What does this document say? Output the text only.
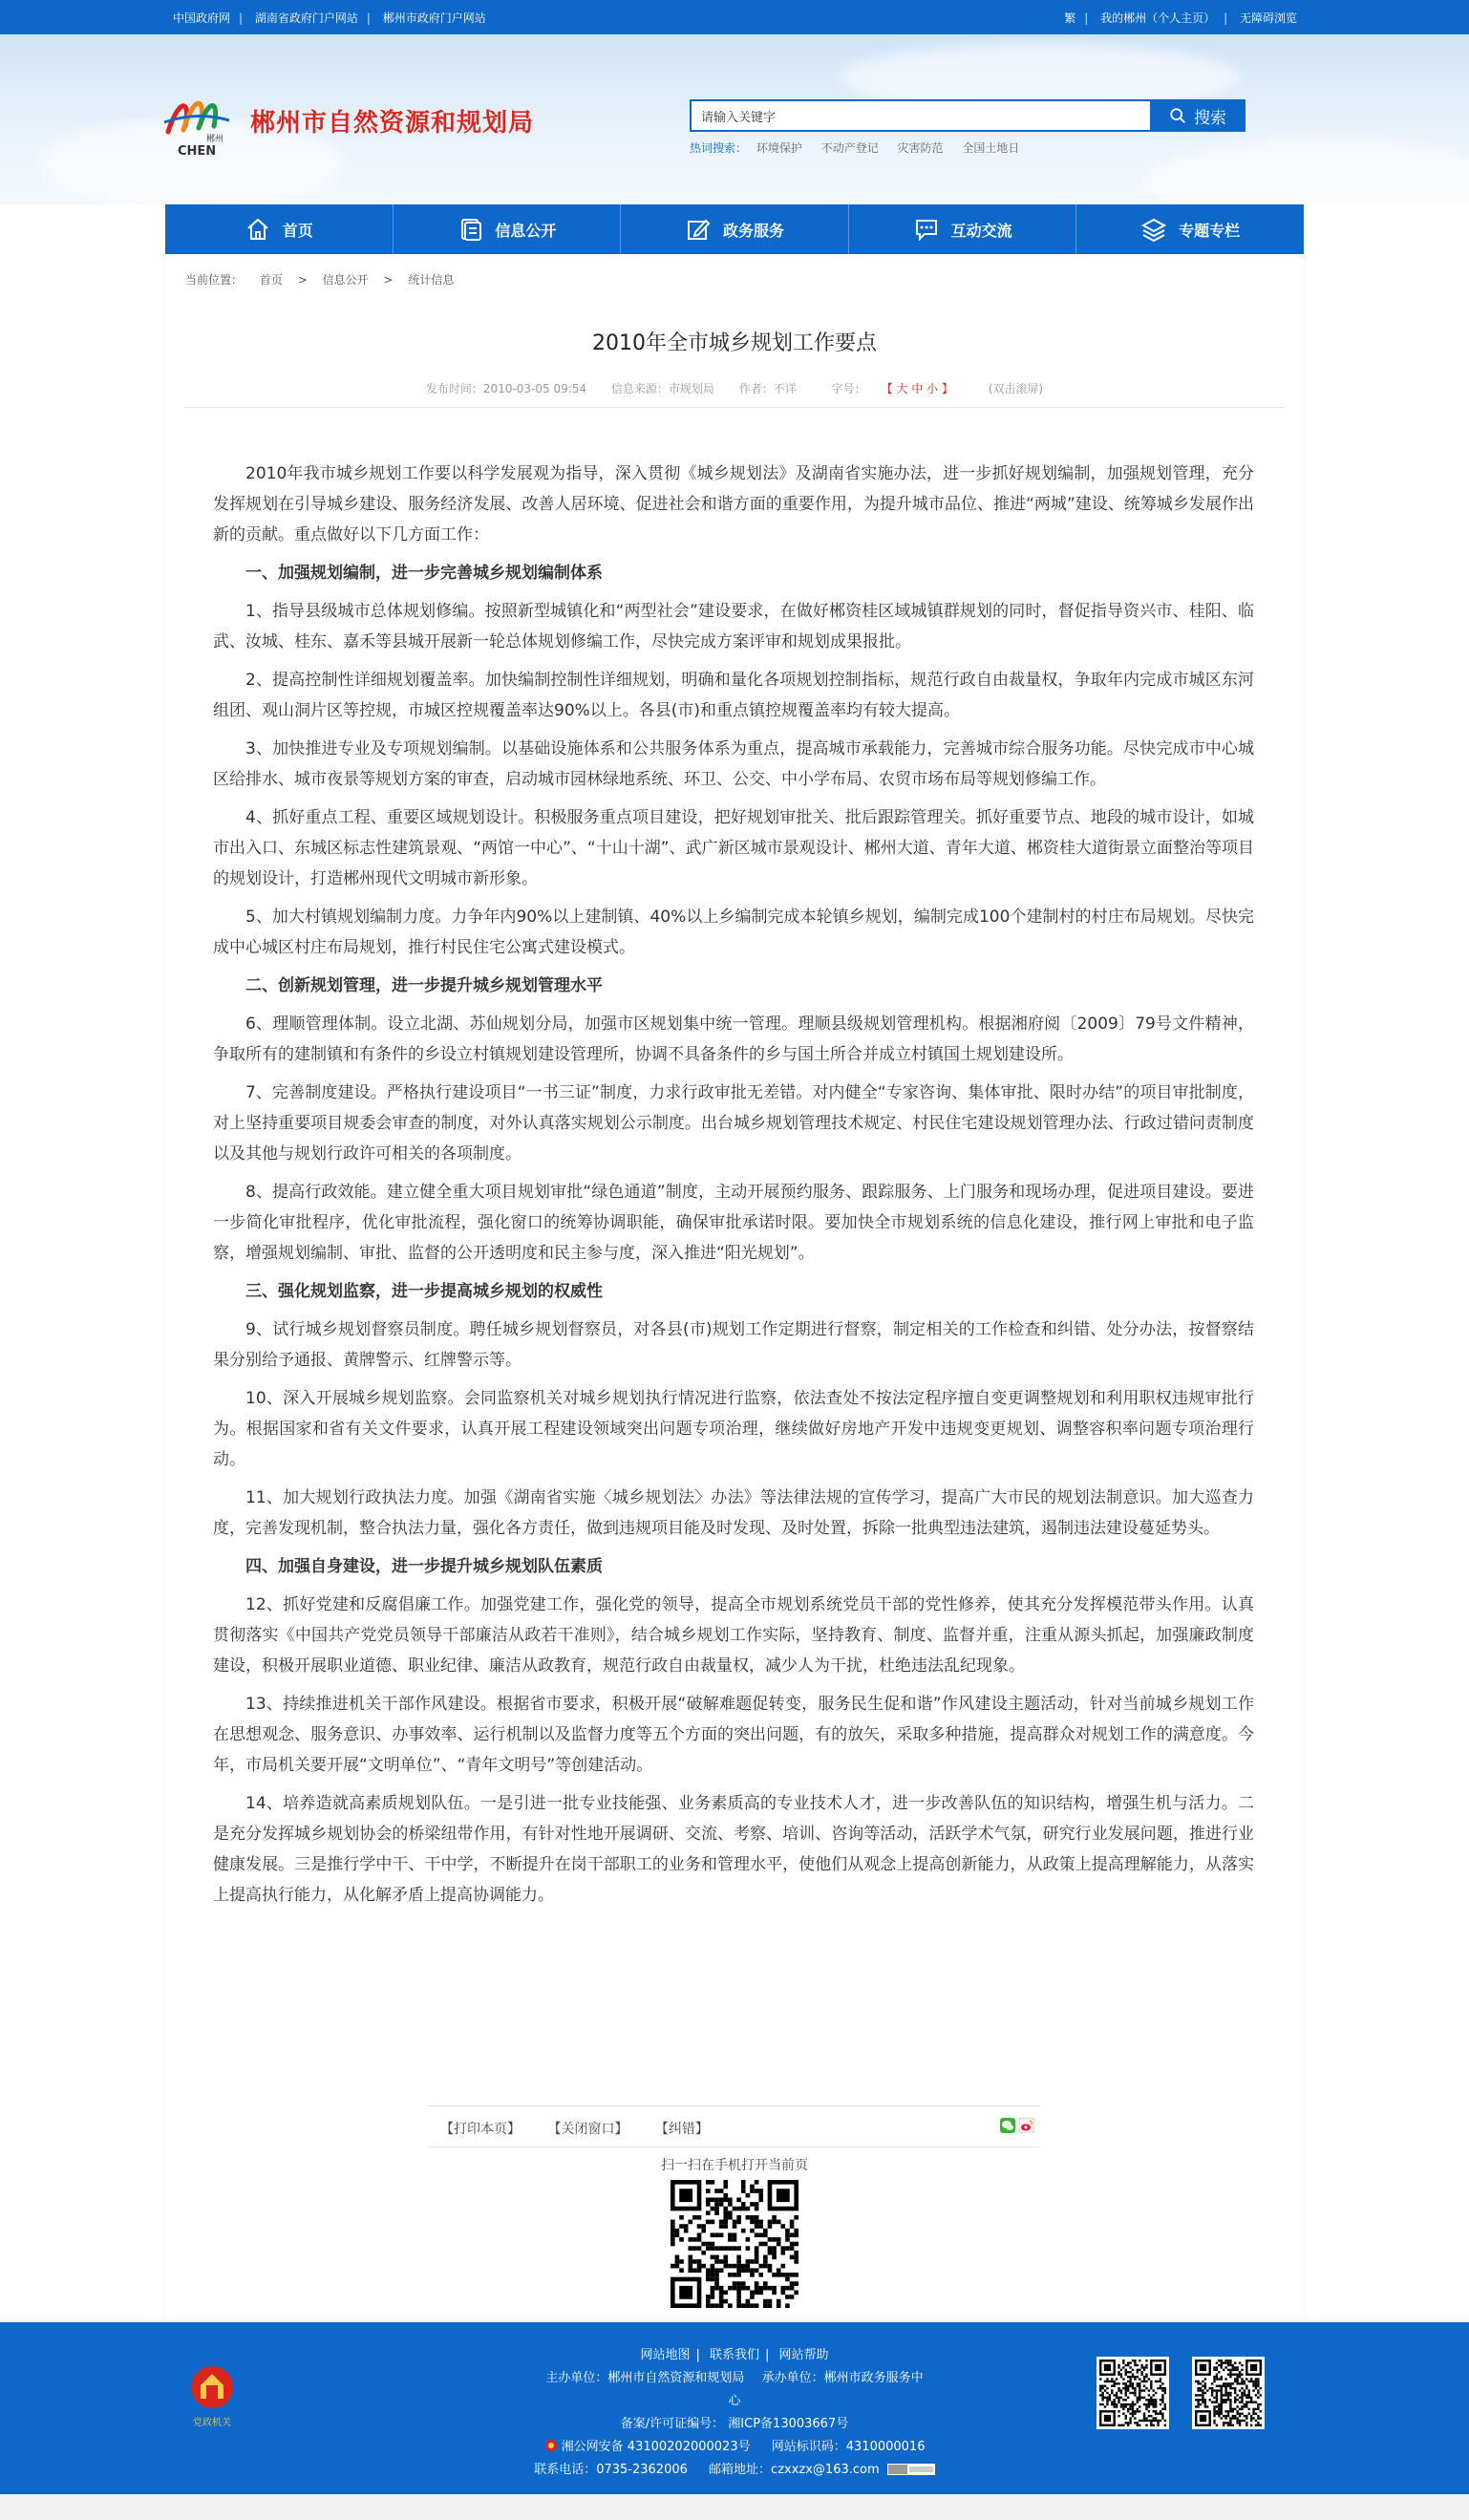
中国政府网 | 湖南省政府门户网站 | 郴州市政府门户网站	繁 | 我的郴州（个人主页） | 无障碍浏览
郴州
CHEN
郴州市自然资源和规划局
请输入关键字	搜索
热词搜索： 环境保护 不动产登记 灾害防范 全国土地日
首页	信息公开	政务服务	互动交流	专题专栏
当前位置： 首页 > 信息公开 > 统计信息
2010年全市城乡规划工作要点
发布时间：2010-03-05 09:54 信息来源：市规划局 作者：不详	字号： 【 大 中 小 】	(双击滚屏)

2010年我市城乡规划工作要以科学发展观为指导，深入贯彻《城乡规划法》及湖南省实施办法，进一步抓好规划编制，加强规划管理，充分发挥规划在引导城乡建设、服务经济发展、改善人居环境、促进社会和谐方面的重要作用，为提升城市品位、推进“两城”建设、统筹城乡发展作出新的贡献。重点做好以下几方面工作：

一、加强规划编制，进一步完善城乡规划编制体系

1、指导县级城市总体规划修编。按照新型城镇化和“两型社会”建设要求，在做好郴资桂区域城镇群规划的同时，督促指导资兴市、桂阳、临武、汝城、桂东、嘉禾等县城开展新一轮总体规划修编工作，尽快完成方案评审和规划成果报批。

2、提高控制性详细规划覆盖率。加快编制控制性详细规划，明确和量化各项规划控制指标，规范行政自由裁量权，争取年内完成市城区东河组团、观山洞片区等控规，市城区控规覆盖率达90%以上。各县(市)和重点镇控规覆盖率均有较大提高。

3、加快推进专业及专项规划编制。以基础设施体系和公共服务体系为重点，提高城市承载能力，完善城市综合服务功能。尽快完成市中心城区给排水、城市夜景等规划方案的审查，启动城市园林绿地系统、环卫、公交、中小学布局、农贸市场布局等规划修编工作。

4、抓好重点工程、重要区域规划设计。积极服务重点项目建设，把好规划审批关、批后跟踪管理关。抓好重要节点、地段的城市设计，如城市出入口、东城区标志性建筑景观、“两馆一中心”、“十山十湖”、武广新区城市景观设计、郴州大道、青年大道、郴资桂大道街景立面整治等项目的规划设计，打造郴州现代文明城市新形象。

5、加大村镇规划编制力度。力争年内90%以上建制镇、40%以上乡编制完成本轮镇乡规划，编制完成100个建制村的村庄布局规划。尽快完成中心城区村庄布局规划，推行村民住宅公寓式建设模式。

二、创新规划管理，进一步提升城乡规划管理水平

6、理顺管理体制。设立北湖、苏仙规划分局，加强市区规划集中统一管理。理顺县级规划管理机构。根据湘府阅〔2009〕79号文件精神，争取所有的建制镇和有条件的乡设立村镇规划建设管理所，协调不具备条件的乡与国土所合并成立村镇国土规划建设所。

7、完善制度建设。严格执行建设项目“一书三证”制度，力求行政审批无差错。对内健全“专家咨询、集体审批、限时办结”的项目审批制度，对上坚持重要项目规委会审查的制度，对外认真落实规划公示制度。出台城乡规划管理技术规定、村民住宅建设规划管理办法、行政过错问责制度以及其他与规划行政许可相关的各项制度。

8、提高行政效能。建立健全重大项目规划审批“绿色通道”制度，主动开展预约服务、跟踪服务、上门服务和现场办理，促进项目建设。要进一步简化审批程序，优化审批流程，强化窗口的统筹协调职能，确保审批承诺时限。要加快全市规划系统的信息化建设，推行网上审批和电子监察，增强规划编制、审批、监督的公开透明度和民主参与度，深入推进“阳光规划”。

三、强化规划监察，进一步提高城乡规划的权威性

9、试行城乡规划督察员制度。聘任城乡规划督察员，对各县(市)规划工作定期进行督察，制定相关的工作检查和纠错、处分办法，按督察结果分别给予通报、黄牌警示、红牌警示等。

10、深入开展城乡规划监察。会同监察机关对城乡规划执行情况进行监察，依法查处不按法定程序擅自变更调整规划和利用职权违规审批行为。根据国家和省有关文件要求，认真开展工程建设领域突出问题专项治理，继续做好房地产开发中违规变更规划、调整容积率问题专项治理行动。

11、加大规划行政执法力度。加强《湖南省实施〈城乡规划法〉办法》等法律法规的宣传学习，提高广大市民的规划法制意识。加大巡查力度，完善发现机制，整合执法力量，强化各方责任，做到违规项目能及时发现、及时处置，拆除一批典型违法建筑，遏制违法建设蔓延势头。

四、加强自身建设，进一步提升城乡规划队伍素质

12、抓好党建和反腐倡廉工作。加强党建工作，强化党的领导，提高全市规划系统党员干部的党性修养，使其充分发挥模范带头作用。认真贯彻落实《中国共产党党员领导干部廉洁从政若干准则》，结合城乡规划工作实际，坚持教育、制度、监督并重，注重从源头抓起，加强廉政制度建设，积极开展职业道德、职业纪律、廉洁从政教育，规范行政自由裁量权，减少人为干扰，杜绝违法乱纪现象。

13、持续推进机关干部作风建设。根据省市要求，积极开展“破解难题促转变，服务民生促和谐”作风建设主题活动，针对当前城乡规划工作在思想观念、服务意识、办事效率、运行机制以及监督力度等五个方面的突出问题，有的放矢，采取多种措施，提高群众对规划工作的满意度。今年，市局机关要开展“文明单位”、“青年文明号”等创建活动。

14、培养造就高素质规划队伍。一是引进一批专业技能强、业务素质高的专业技术人才，进一步改善队伍的知识结构，增强生机与活力。二是充分发挥城乡规划协会的桥梁纽带作用，有针对性地开展调研、交流、考察、培训、咨询等活动，活跃学术气氛，研究行业发展问题，推进行业健康发展。三是推行学中干、干中学，不断提升在岗干部职工的业务和管理水平，使他们从观念上提高创新能力，从政策上提高理解能力，从落实上提高执行能力，从化解矛盾上提高协调能力。

【打印本页】 【关闭窗口】 【纠错】
扫一扫在手机打开当前页
党政机关
网站地图 | 联系我们 | 网站帮助
主办单位：郴州市自然资源和规划局 承办单位：郴州市政务服务中
心
备案/许可证编号： 湘ICP备13003667号
湘公网安备 43100202000023号 网站标识码：4310000016
联系电话：0735-2362006 邮箱地址：czxxzx@163.com
